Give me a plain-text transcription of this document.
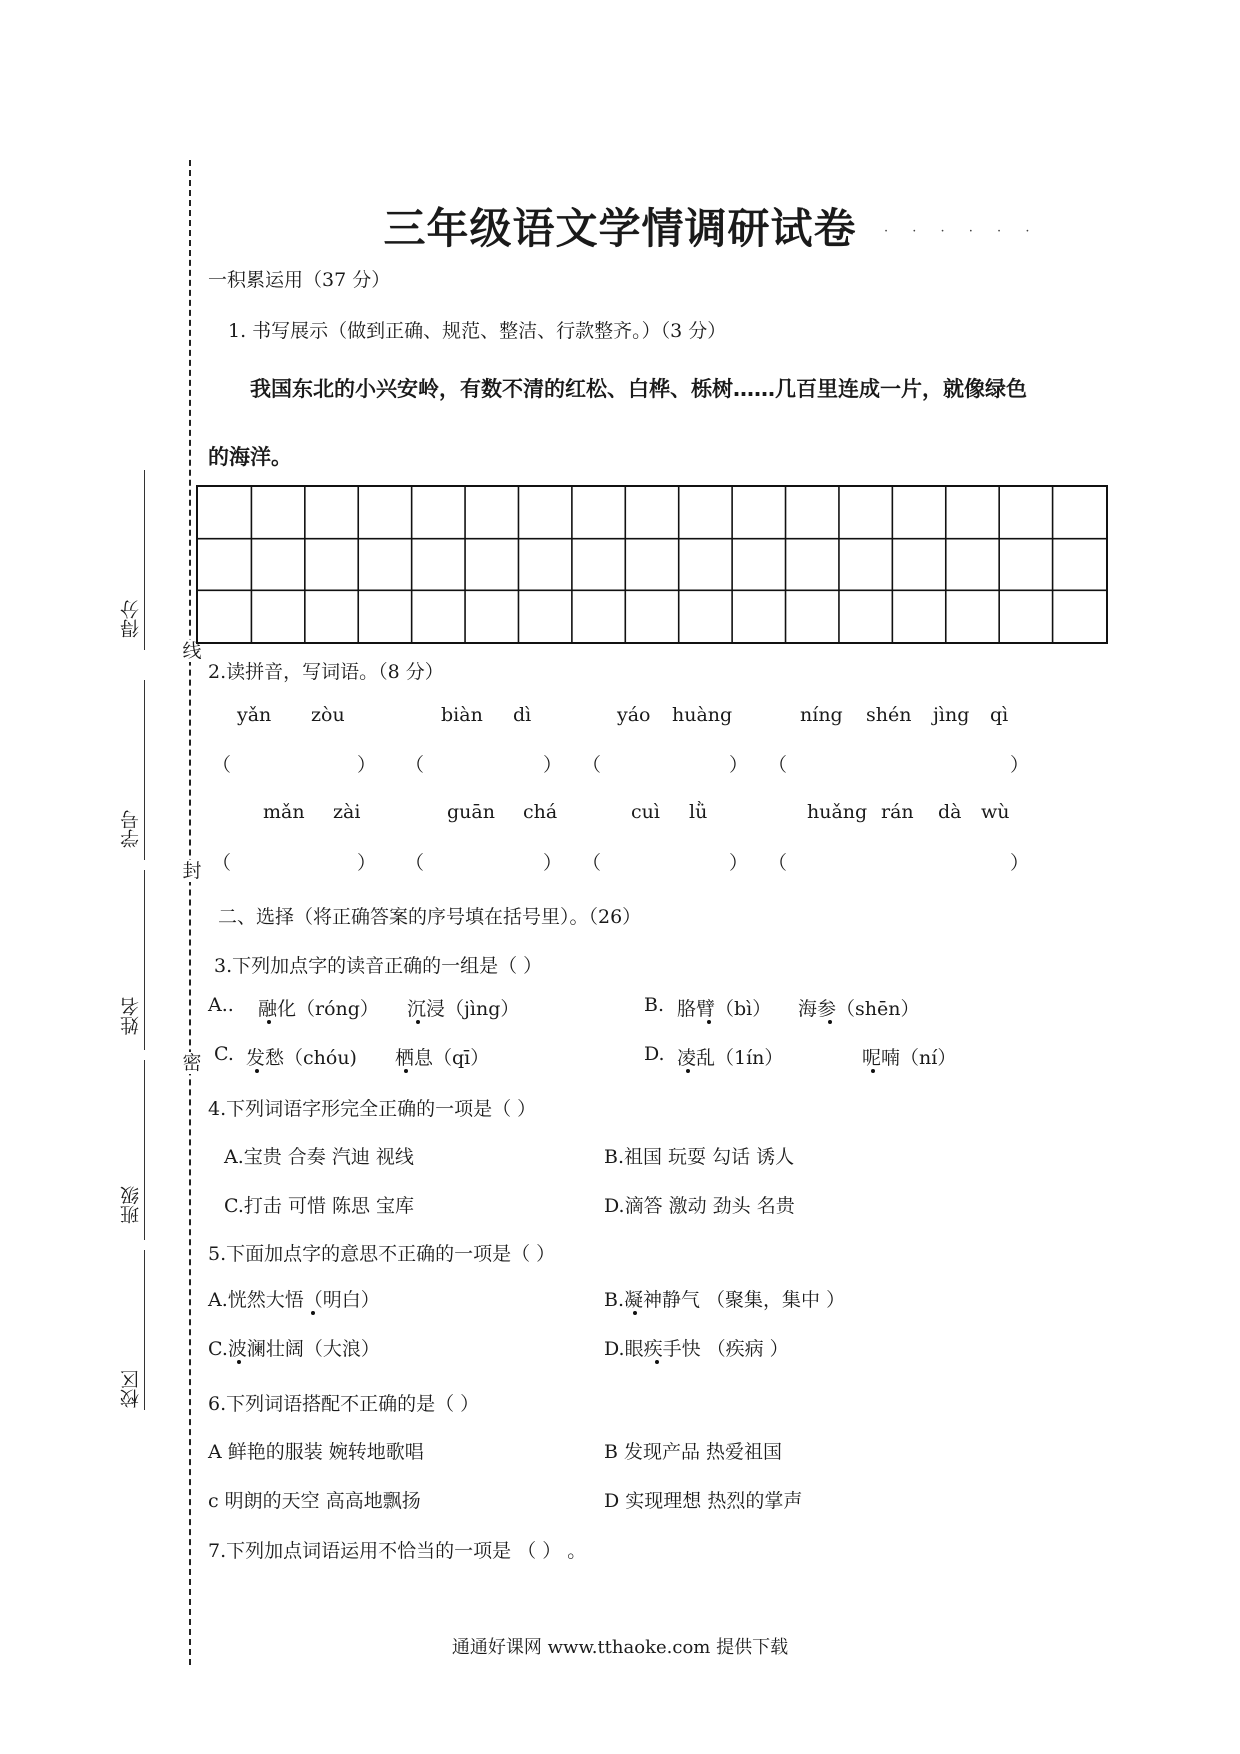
线
封
密
得分
学号
姓名
班级
校区
三年级语文学情调研试卷	· · · · · ·
一积累运用（37 分）
1. 书写展示（做到正确、规范、整洁、行款整齐。）（3 分）
我国东北的小兴安岭，有数不清的红松、白桦、栎树……几百里连成一片，就像绿色
的海洋。
2.读拼音，写词语。（8 分）
yǎn zòu	biàn dì	yáo huàng	níng shén jìng qì
（	） （	） （	） （	）
mǎn zài	guān chá	cuì lǜ	huǎng rán dà wù
（	） （	） （	） （	）
二、选择（将正确答案的序号填在括号里）。（26）
3.下列加点字的读音正确的一组是（ ）
A.. 融化（róng） 沉浸（jìng）	B. 胳臂（bì） 海参（shēn）
C. 发愁（chóu) 栖息（qī）	D. 凌乱（1ín）	呢喃（ní）
4.下列词语字形完全正确的一项是（ ）
A.宝贵 合奏 汽迪 视线	B.祖国 玩耍 勾话 诱人
C.打击 可惜 陈思 宝库	D.滴答 激动 劲头 名贵
5.下面加点字的意思不正确的一项是（ ）
A.恍然大悟（明白）	B.凝神静气 （聚集，集中 ）
C.波澜壮阔（大浪）	D.眼疾手快 （疾病 ）
6.下列词语搭配不正确的是（ ）
A 鲜艳的服装 婉转地歌唱	B 发现产品 热爱祖国
c 明朗的天空 高高地飘扬	D 实现理想 热烈的掌声
7.下列加点词语运用不恰当的一项是 （ ） 。
通通好课网 www.tthaoke.com 提供下载
